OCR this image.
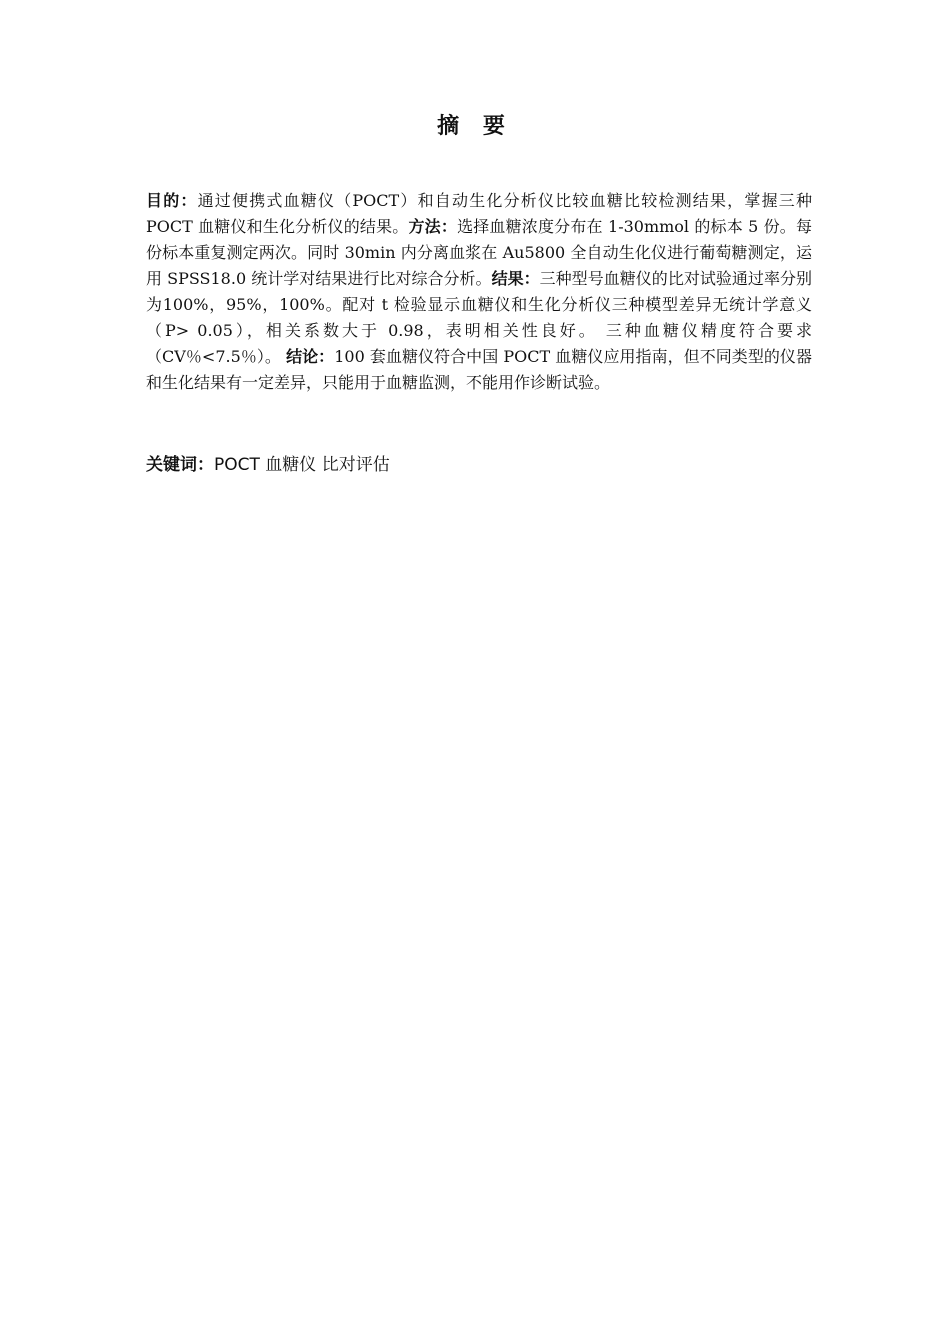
摘 要

目的：通过便携式血糖仪（POCT）和自动生化分析仪比较血糖比较检测结果，掌握三种 POCT 血糖仪和生化分析仪的结果。方法：选择血糖浓度分布在 1-30mmol 的标本 5 份。每份标本重复测定两次。同时 30min 内分离血浆在 Au5800 全自动生化仪进行葡萄糖测定，运用 SPSS18.0 统计学对结果进行比对综合分析。结果：三种型号血糖仪的比对试验通过率分别为100%，95%，100%。配对 t 检验显示血糖仪和生化分析仪三种模型差异无统计学意义（P> 0.05），相关系数大于 0.98，表明相关性良好。 三种血糖仪精度符合要求（CV％<7.5％）。 结论：100 套血糖仪符合中国 POCT 血糖仪应用指南，但不同类型的仪器和生化结果有一定差异，只能用于血糖监测，不能用作诊断试验。

关键词：POCT 血糖仪 比对评估
